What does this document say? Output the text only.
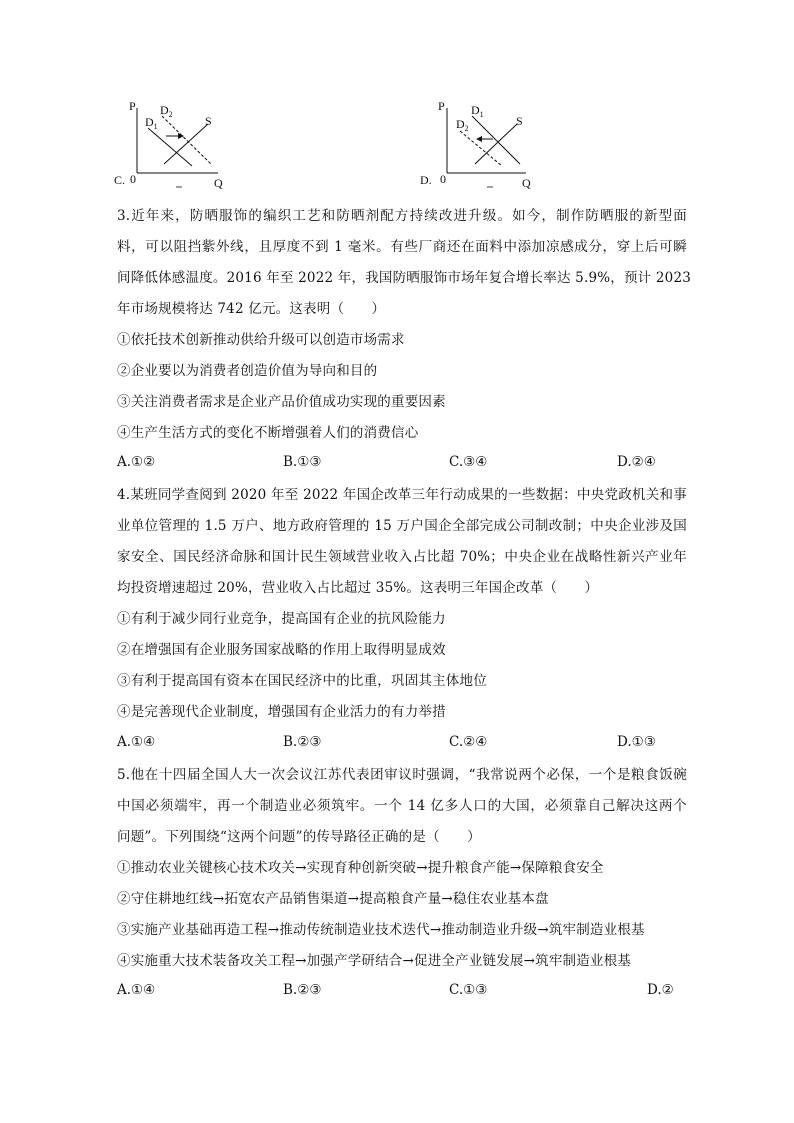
C.
P
Q
0
$D_1$
$D_2$	S
D.
P
Q
0
$D_1$
$D_2$
S
3.近年来，防晒服饰的编织工艺和防晒剂配方持续改进升级。如今，制作防晒服的新型面
料，可以阻挡紫外线，且厚度不到 1 毫米。有些厂商还在面料中添加凉感成分，穿上后可瞬
间降低体感温度。2016 年至 2022 年，我国防晒服饰市场年复合增长率达 5.9%，预计 2023
年市场规模将达 742 亿元。这表明（　　）
①依托技术创新推动供给升级可以创造市场需求
②企业要以为消费者创造价值为导向和目的
③关注消费者需求是企业产品价值成功实现的重要因素
④生产生活方式的变化不断增强着人们的消费信心
A.①②	B.①③	C.③④	D.②④
4.某班同学查阅到 2020 年至 2022 年国企改革三年行动成果的一些数据：中央党政机关和事
业单位管理的 1.5 万户、地方政府管理的 15 万户国企全部完成公司制改制；中央企业涉及国
家安全、国民经济命脉和国计民生领域营业收入占比超 70%；中央企业在战略性新兴产业年
均投资增速超过 20%，营业收入占比超过 35%。这表明三年国企改革（　　）
①有利于减少同行业竞争，提高国有企业的抗风险能力
②在增强国有企业服务国家战略的作用上取得明显成效
③有利于提高国有资本在国民经济中的比重，巩固其主体地位
④是完善现代企业制度，增强国有企业活力的有力举措
A.①④	B.②③	C.②④	D.①③
5.他在十四届全国人大一次会议江苏代表团审议时强调，“我常说两个必保，一个是粮食饭碗
中国必须端牢，再一个制造业必须筑牢。一个 14 亿多人口的大国，必须靠自己解决这两个
问题”。下列围绕“这两个问题”的传导路径正确的是（　　）
①推动农业关键核心技术攻关→实现育种创新突破→提升粮食产能→保障粮食安全
②守住耕地红线→拓宽农产品销售渠道→提高粮食产量→稳住农业基本盘
③实施产业基础再造工程→推动传统制造业技术迭代→推动制造业升级→筑牢制造业根基
④实施重大技术装备攻关工程→加强产学研结合→促进全产业链发展→筑牢制造业根基
A.①④	B.②③	C.①③	D.②
